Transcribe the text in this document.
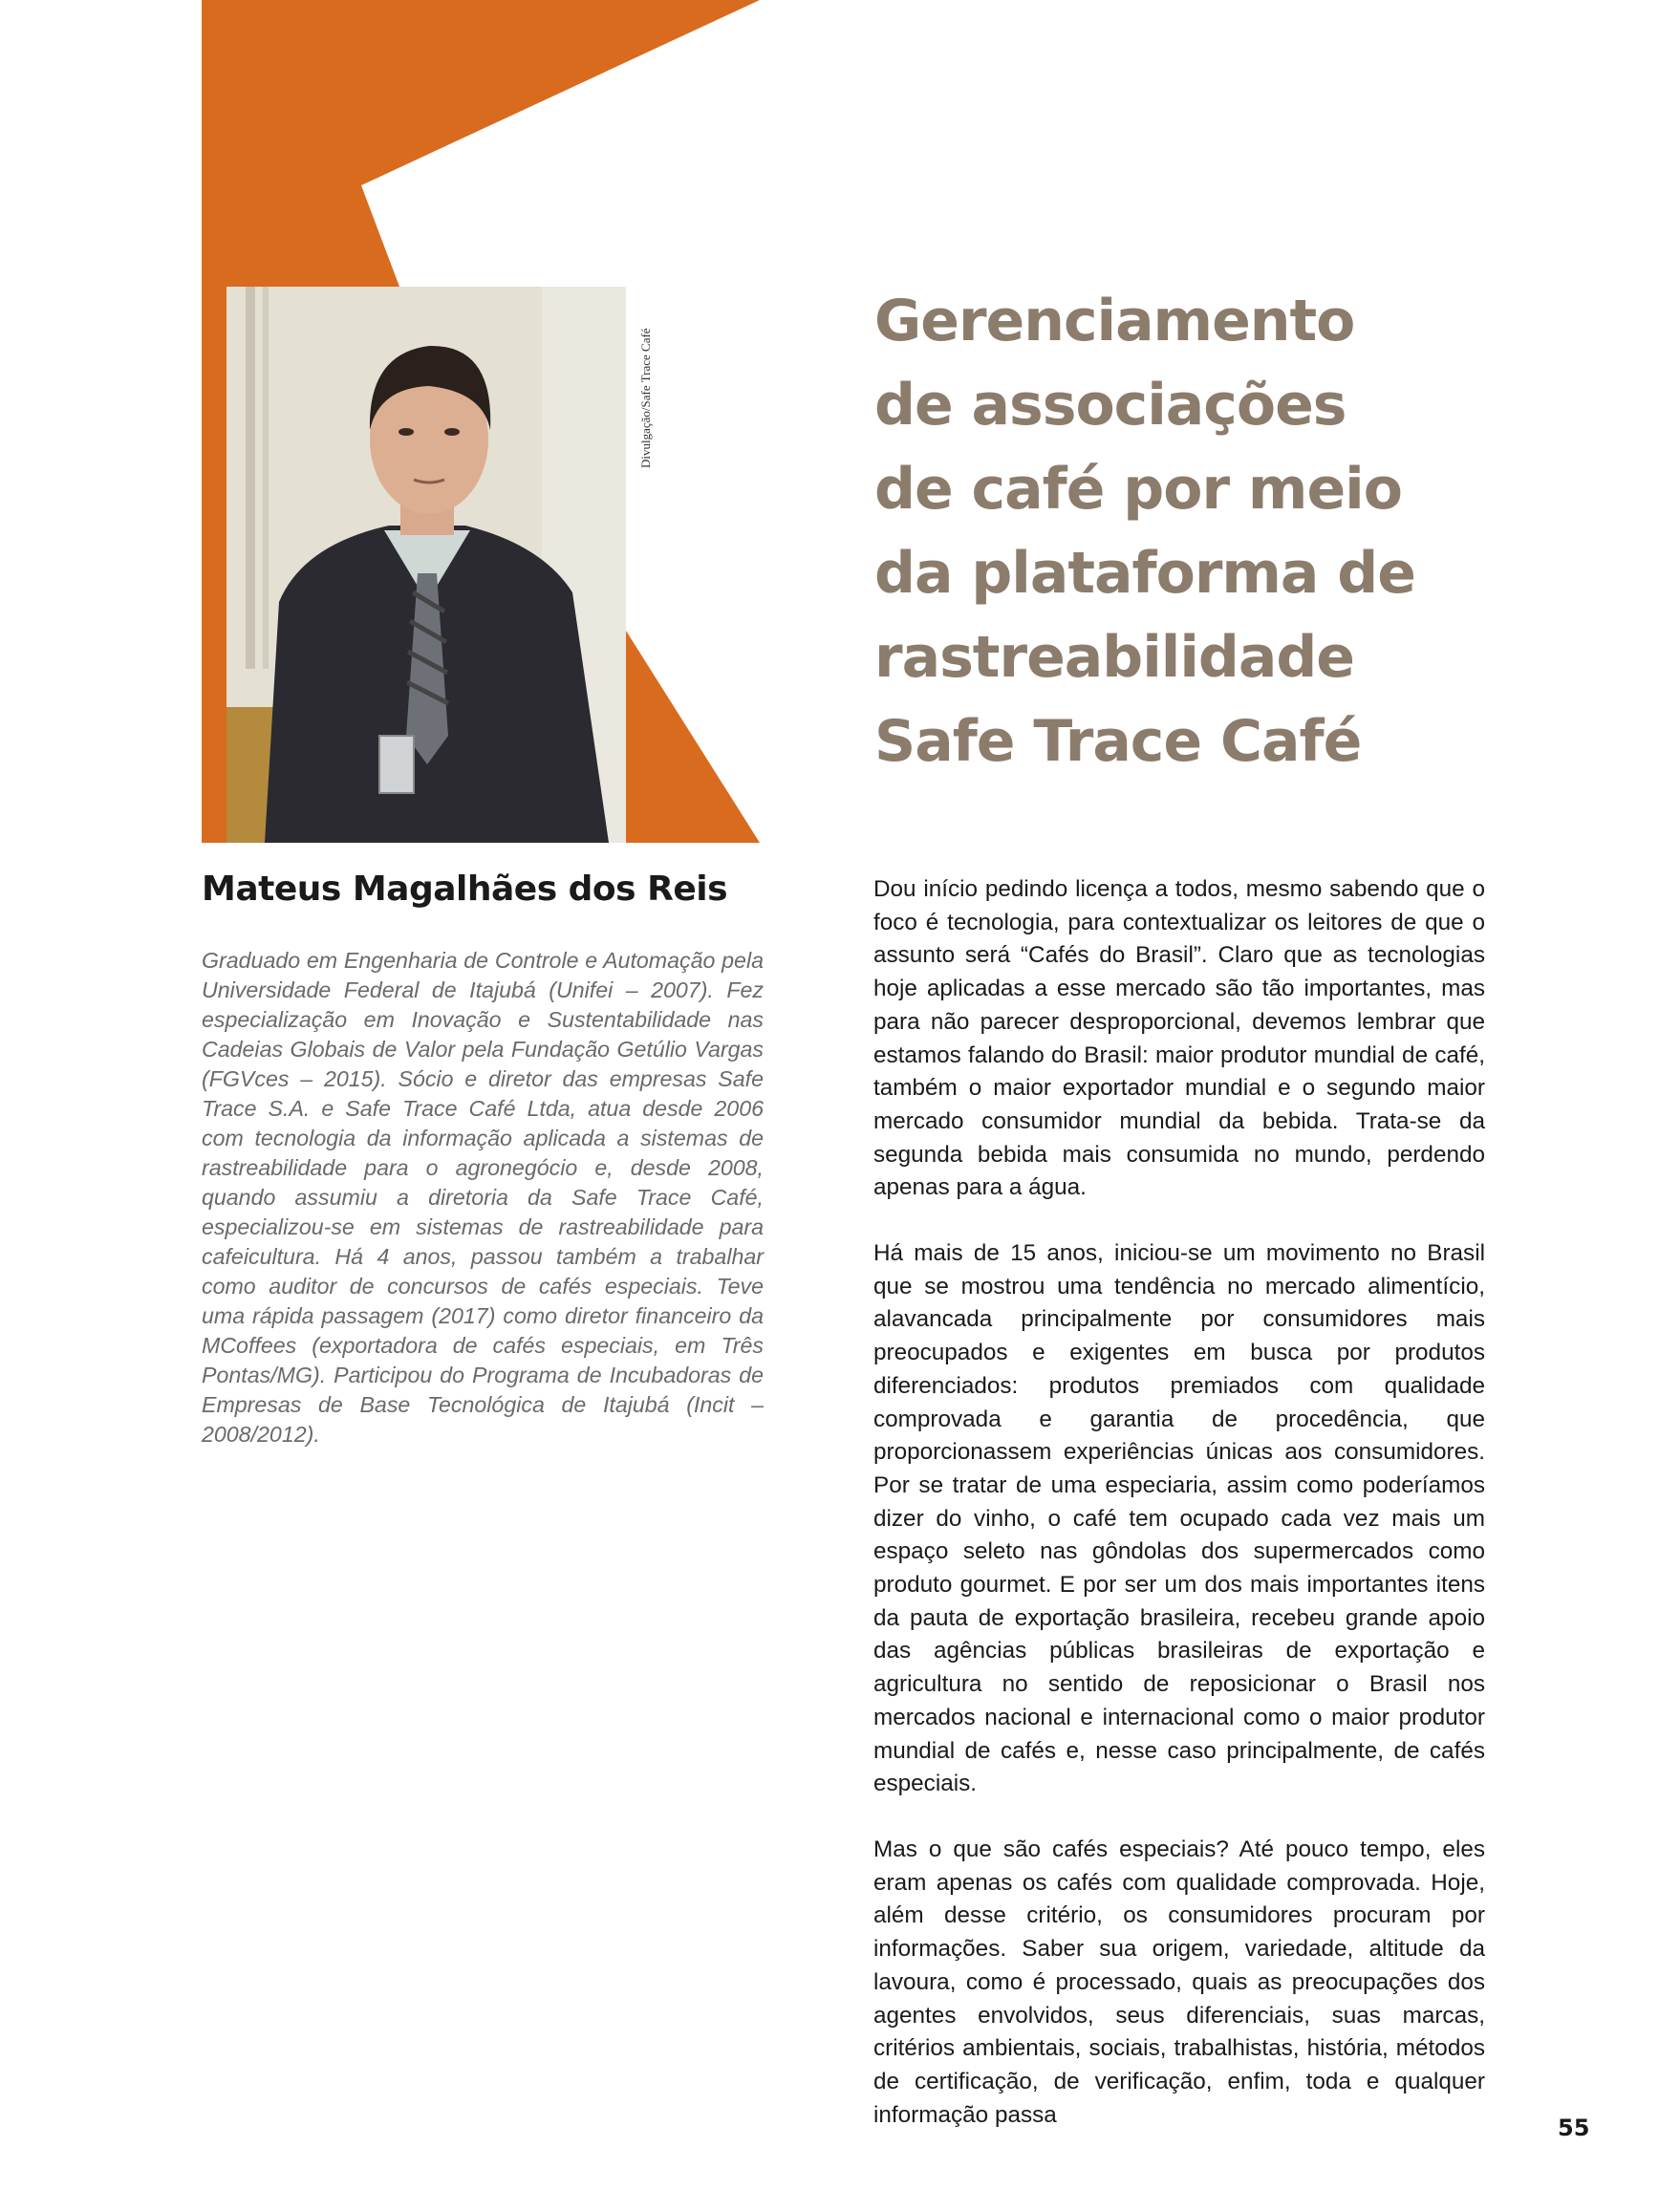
Divulgação/Safe Trace Café
Mateus Magalhães dos Reis
Graduado em Engenharia de Controle e Automação pela Universidade Federal de Itajubá (Unifei – 2007). Fez especialização em Inovação e Sustentabilidade nas Cadeias Globais de Valor pela Fundação Getúlio Vargas (FGVces – 2015). Sócio e diretor das empresas Safe Trace S.A. e Safe Trace Café Ltda, atua desde 2006 com tecnologia da informação aplicada a sistemas de rastreabilidade para o agronegócio e, desde 2008, quando assumiu a diretoria da Safe Trace Café, especializou-se em sistemas de rastreabilidade para cafeicultura. Há 4 anos, passou também a trabalhar como auditor de concursos de cafés especiais. Teve uma rápida passagem (2017) como diretor financeiro da MCoffees (exportadora de cafés especiais, em Três Pontas/MG). Participou do Programa de Incubadoras de Empresas de Base Tecnológica de Itajubá (Incit – 2008/2012).
Gerenciamento
de associações
de café por meio
da plataforma de
rastreabilidade
Safe Trace Café

Dou início pedindo licença a todos, mesmo sabendo que o foco é tecnologia, para contextualizar os leitores de que o assunto será “Cafés do Brasil”. Claro que as tecnologias hoje aplicadas a esse mercado são tão importantes, mas para não parecer desproporcional, devemos lembrar que estamos falando do Brasil: maior produtor mundial de café, também o maior exportador mundial e o segundo maior mercado consumidor mundial da bebida. Trata-se da segunda bebida mais consumida no mundo, perdendo apenas para a água.

Há mais de 15 anos, iniciou-se um movimento no Brasil que se mostrou uma tendência no mercado alimentício, alavancada principalmente por consumidores mais preocupados e exigentes em busca por produtos diferenciados: produtos premiados com qualidade comprovada e garantia de procedência, que proporcionassem experiências únicas aos consumidores. Por se tratar de uma especiaria, assim como poderíamos dizer do vinho, o café tem ocupado cada vez mais um espaço seleto nas gôndolas dos supermercados como produto gourmet. E por ser um dos mais importantes itens da pauta de exportação brasileira, recebeu grande apoio das agências públicas brasileiras de exportação e agricultura no sentido de reposicionar o Brasil nos mercados nacional e internacional como o maior produtor mundial de cafés e, nesse caso principalmente, de cafés especiais.

Mas o que são cafés especiais? Até pouco tempo, eles eram apenas os cafés com qualidade comprovada. Hoje, além desse critério, os consumidores procuram por informações. Saber sua origem, variedade, altitude da lavoura, como é processado, quais as preocupações dos agentes envolvidos, seus diferenciais, suas marcas, critérios ambientais, sociais, trabalhistas, história, métodos de certificação, de verificação, enfim, toda e qualquer informação passa	55
